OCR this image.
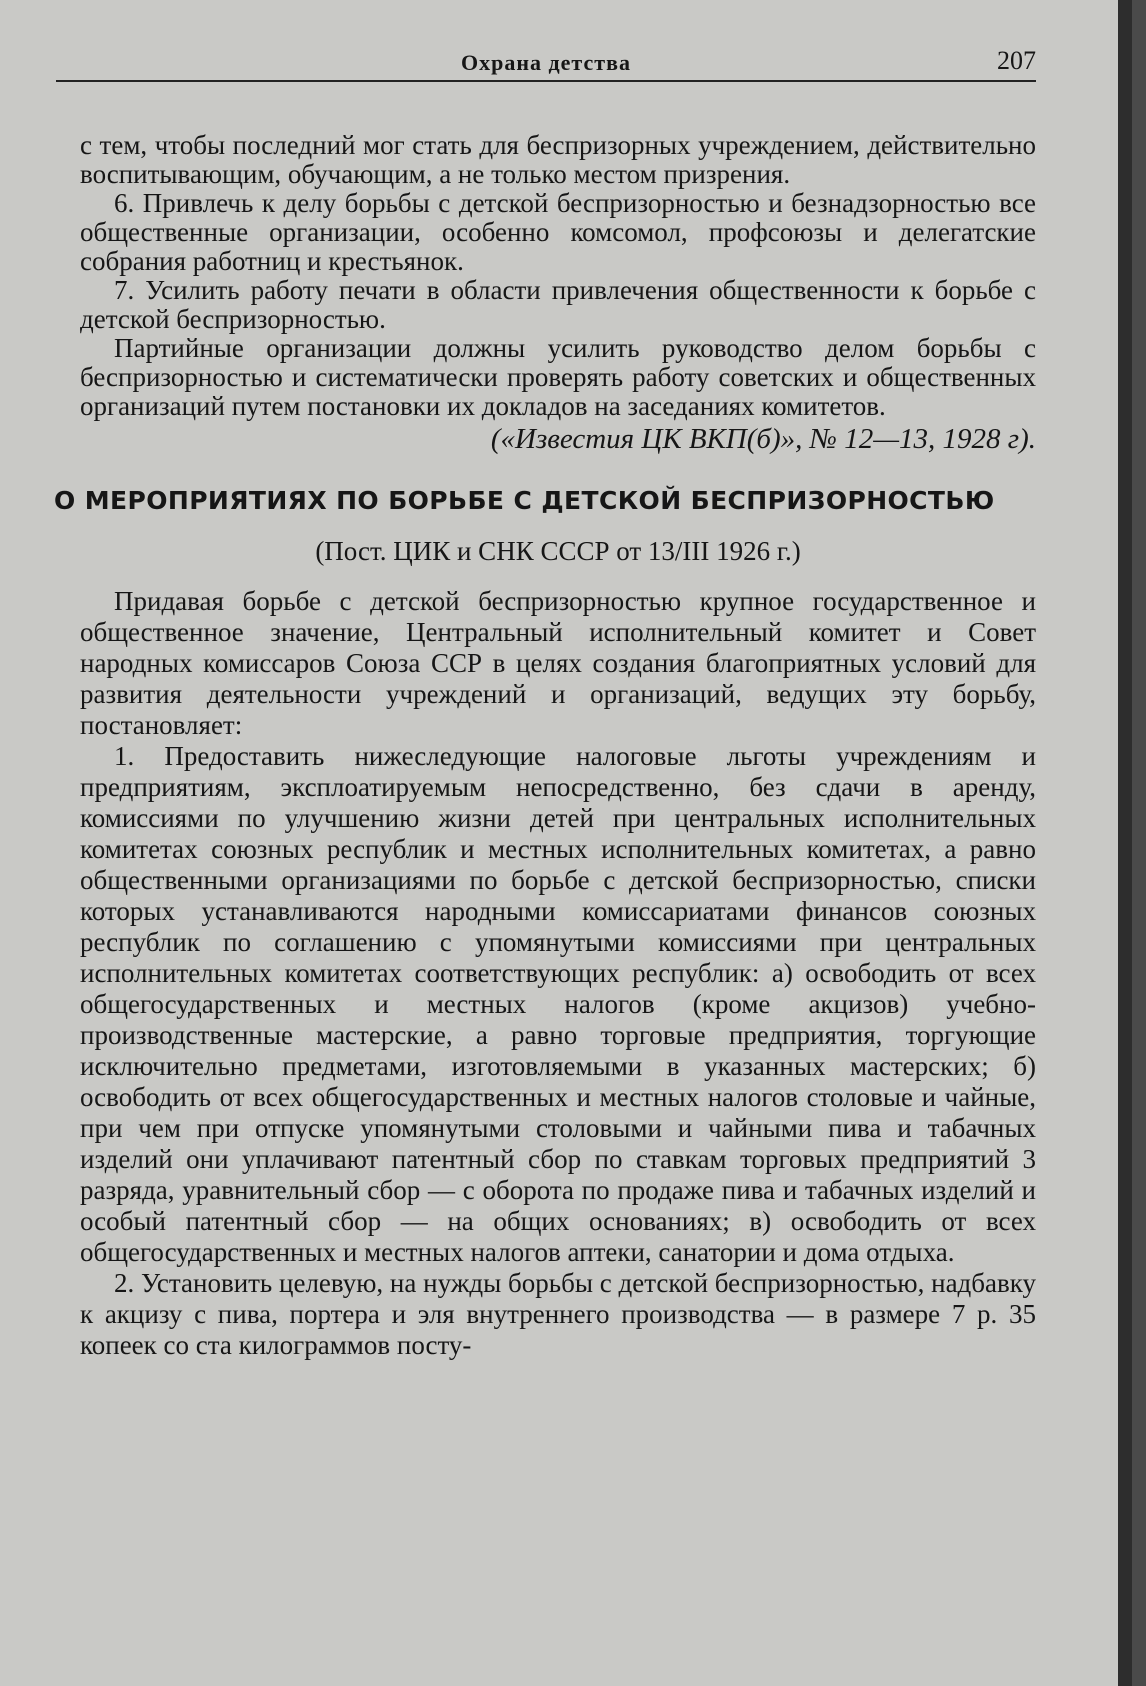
Охрана детства	207

с тем, чтобы последний мог стать для беспризорных учреждением, действительно воспитывающим, обучающим, а не только местом призрения.

6. Привлечь к делу борьбы с детской беспризорностью и безнадзорностью все общественные организации, особенно комсомол, профсоюзы и делегатские собрания работниц и крестьянок.

7. Усилить работу печати в области привлечения общественности к борьбе с детской беспризорностью.

Партийные организации должны усилить руководство делом борьбы с беспризорностью и систематически проверять работу советских и общественных организаций путем постановки их докладов на заседаниях комитетов.

(«Известия ЦК ВКП(б)», № 12—13, 1928 г).
О МЕРОПРИЯТИЯХ ПО БОРЬБЕ С ДЕТСКОЙ БЕСПРИЗОРНОСТЬЮ
(Пост. ЦИК и СНК СССР от 13/III 1926 г.)

Придавая борьбе с детской беспризорностью крупное государственное и общественное значение, Центральный исполнительный комитет и Совет народных комиссаров Союза ССР в целях создания благоприятных условий для развития деятельности учреждений и организаций, ведущих эту борьбу, постановляет:

1. Предоставить нижеследующие налоговые льготы учреждениям и предприятиям, эксплоатируемым непосредственно, без сдачи в аренду, комиссиями по улучшению жизни детей при центральных исполнительных комитетах союзных республик и местных исполнительных комитетах, а равно общественными организациями по борьбе с детской беспризорностью, списки которых устанавливаются народными комиссариатами финансов союзных республик по соглашению с упомянутыми комиссиями при центральных исполнительных комитетах соответствующих республик: а) освободить от всех общегосударственных и местных налогов (кроме акцизов) учебно-производственные мастерские, а равно торговые предприятия, торгующие исключительно предметами, изготовляемыми в указанных мастерских; б) освободить от всех общегосударственных и местных налогов столовые и чайные, при чем при отпуске упомянутыми столовыми и чайными пива и табачных изделий они уплачивают патентный сбор по ставкам торговых предприятий 3 разряда, уравнительный сбор — с оборота по продаже пива и табачных изделий и особый патентный сбор — на общих основаниях; в) освободить от всех общегосударственных и местных налогов аптеки, санатории и дома отдыха.

2. Установить целевую, на нужды борьбы с детской беспризорностью, надбавку к акцизу с пива, портера и эля внутреннего производства — в размере 7 р. 35 копеек со ста килограммов посту-
